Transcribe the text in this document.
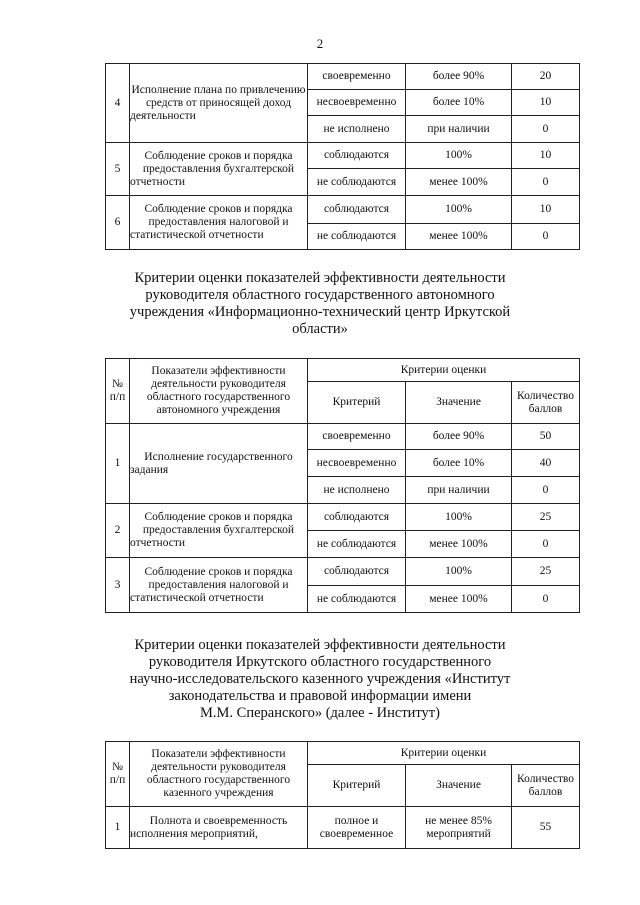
2
4	Исполнение плана по привлечению средств от приносящей доход деятельности	своевременно	более 90%	20
		несвоевременно	более 10%	10
		не исполнено	при наличии	0
5	Соблюдение сроков и порядка предоставления бухгалтерской отчетности	соблюдаются	100%	10
		не соблюдаются	менее 100%	0
6	Соблюдение сроков и порядка предоставления налоговой и статистической отчетности	соблюдаются	100%	10
		не соблюдаются	менее 100%	0
Критерии оценки показателей эффективности деятельности
руководителя областного государственного автономного
учреждения «Информационно-технический центр Иркутской
области»
№ п/п	Показатели эффективности деятельности руководителя областного государственного автономного учреждения	Критерии оценки		
		Критерий	Значение	Количество баллов
1	Исполнение государственного задания	своевременно	более 90%	50
		несвоевременно	более 10%	40
		не исполнено	при наличии	0
2	Соблюдение сроков и порядка предоставления бухгалтерской отчетности	соблюдаются	100%	25
		не соблюдаются	менее 100%	0
3	Соблюдение сроков и порядка предоставления налоговой и статистической отчетности	соблюдаются	100%	25
		не соблюдаются	менее 100%	0
Критерии оценки показателей эффективности деятельности
руководителя Иркутского областного государственного
научно-исследовательского казенного учреждения «Институт
законодательства и правовой информации имени
М.М. Сперанского» (далее - Институт)
№ п/п	Показатели эффективности деятельности руководителя областного государственного казенного учреждения	Критерии оценки		
		Критерий	Значение	Количество баллов
1	Полнота и своевременность исполнения мероприятий,	полное и своевременное	не менее 85% мероприятий	55
